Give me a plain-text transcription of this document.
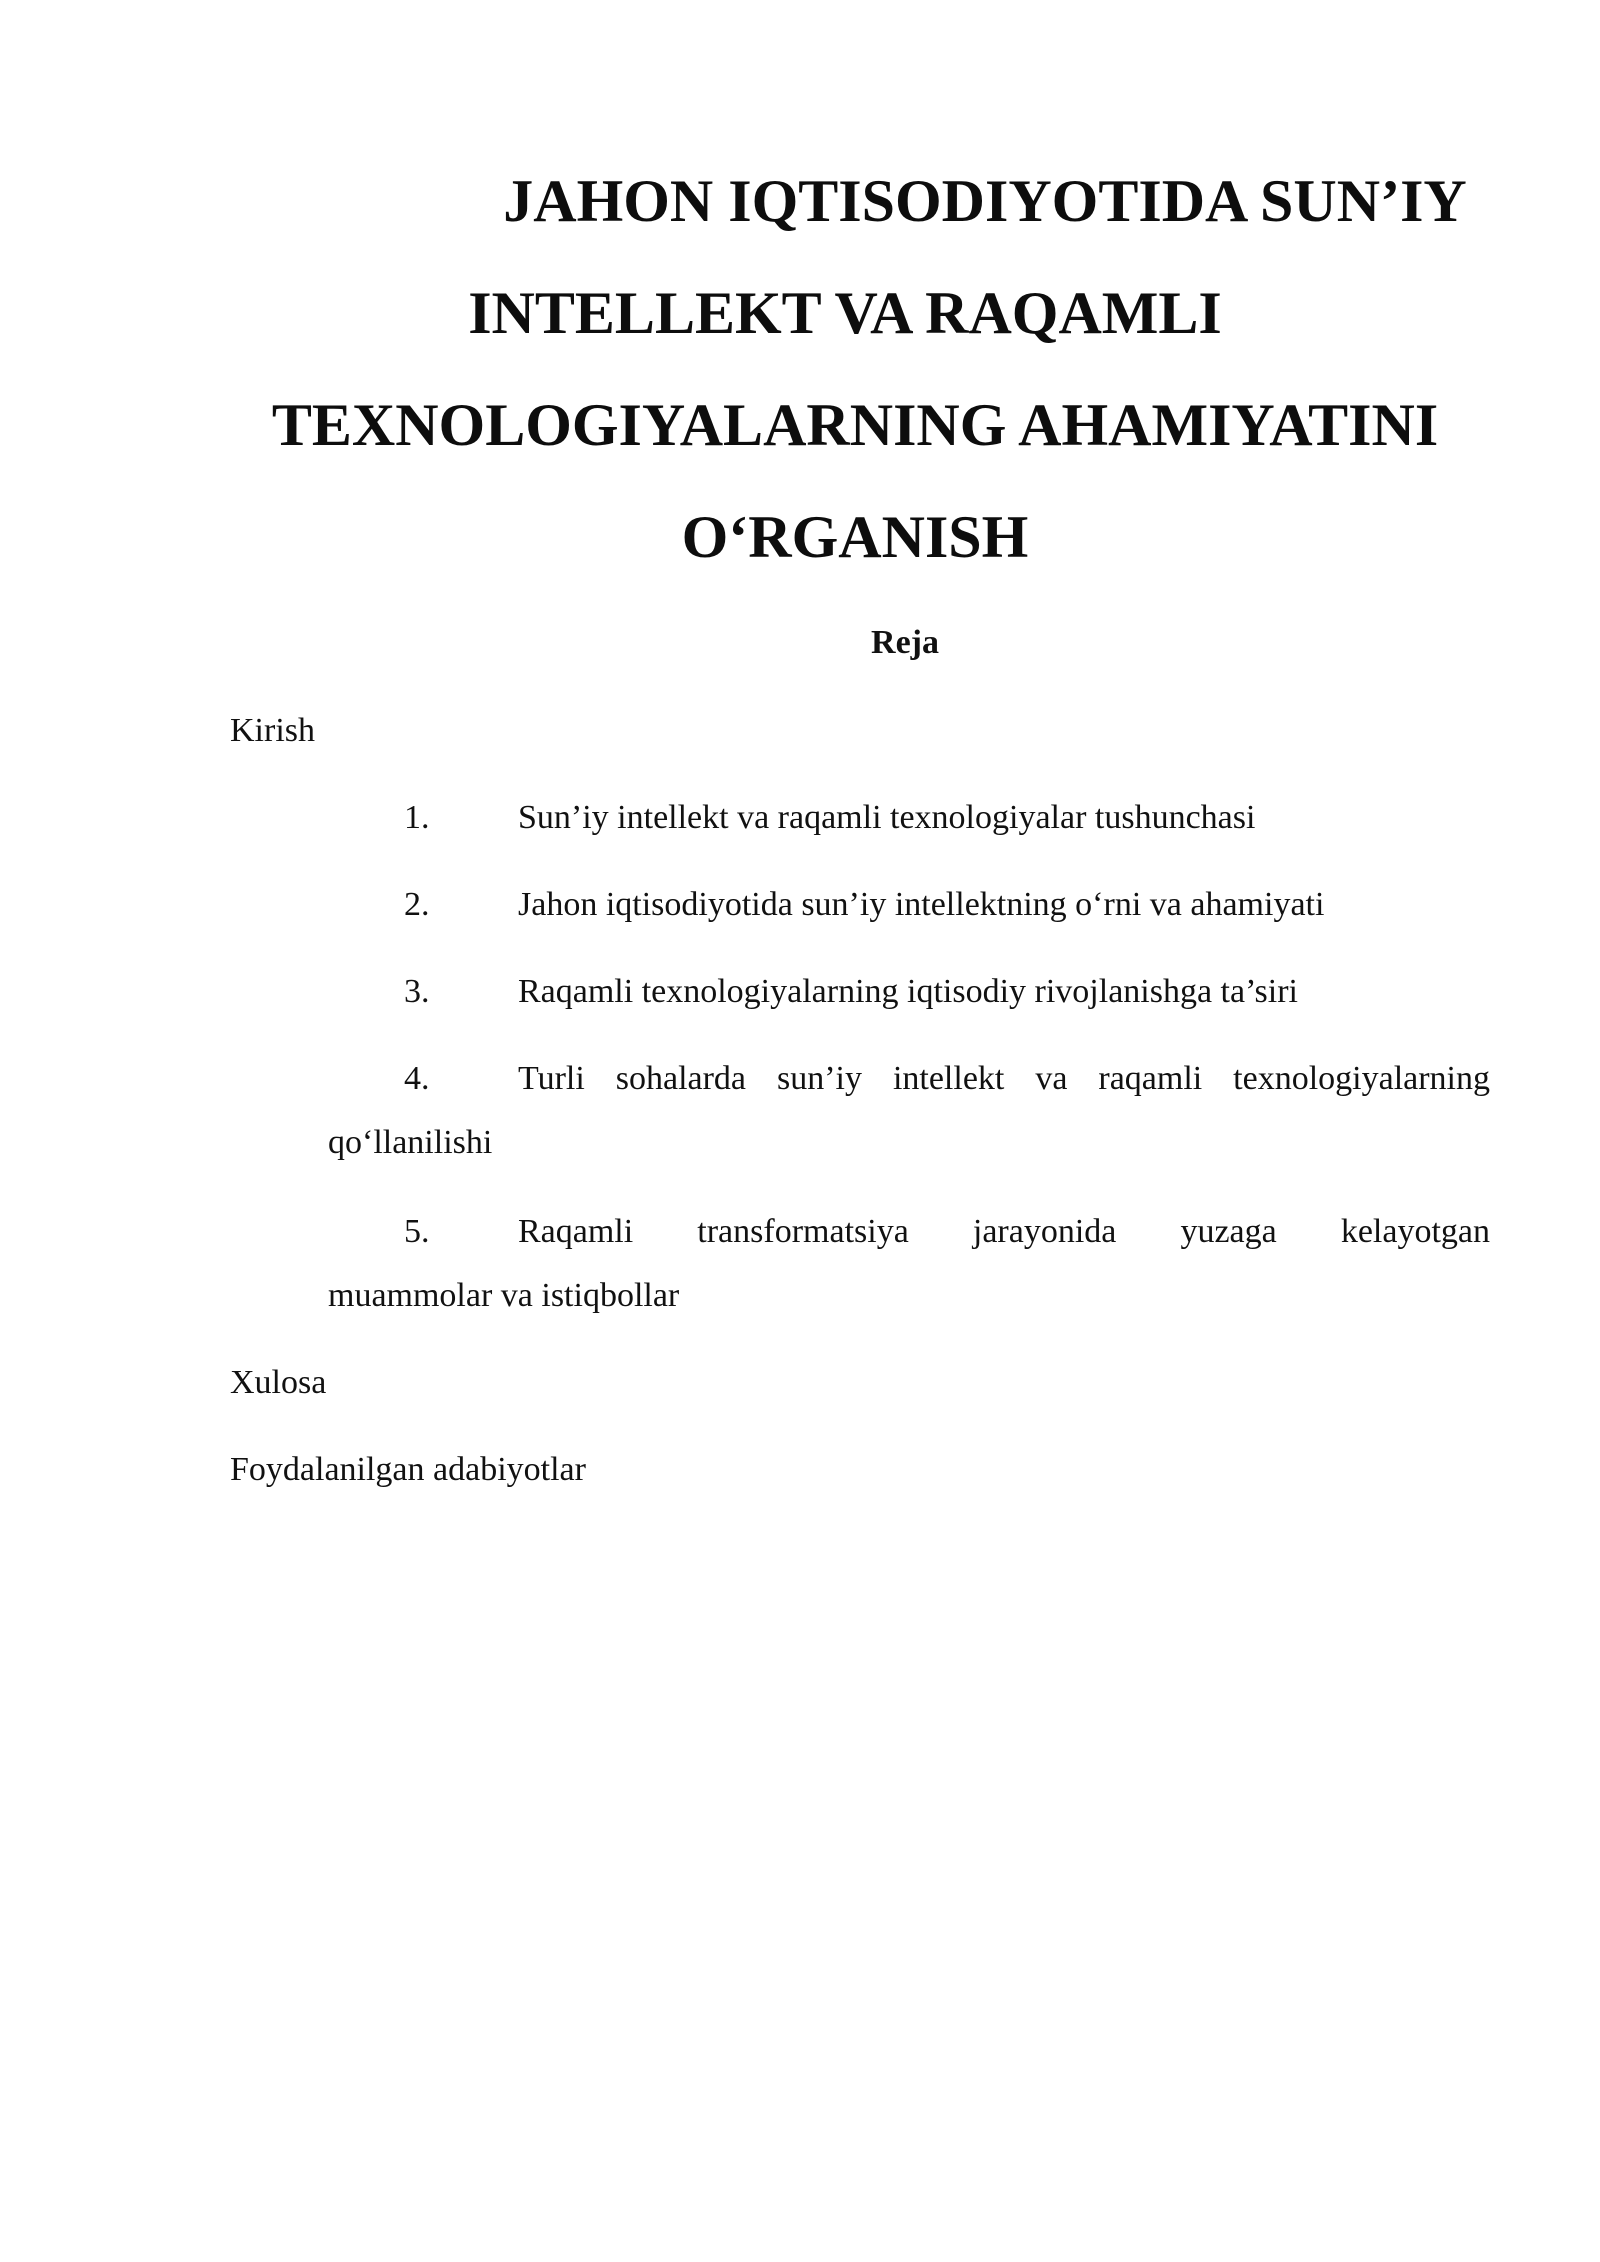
JAHON IQTISODIYOTIDA SUN’IY
INTELLEKT VA RAQAMLI
TEXNOLOGIYALARNING AHAMIYATINI
O‘RGANISH

Reja

Kirish

1.	Sun’iy intellekt va raqamli texnologiyalar tushunchasi
2.	Jahon iqtisodiyotida sun’iy intellektning o‘rni va ahamiyati
3.	Raqamli texnologiyalarning iqtisodiy rivojlanishga ta’siri
4.	Turli sohalarda sun’iy intellekt va raqamli texnologiyalarning
qo‘llanilishi
5.	Raqamli transformatsiya jarayonida yuzaga kelayotgan
muammolar va istiqbollar

Xulosa

Foydalanilgan adabiyotlar
